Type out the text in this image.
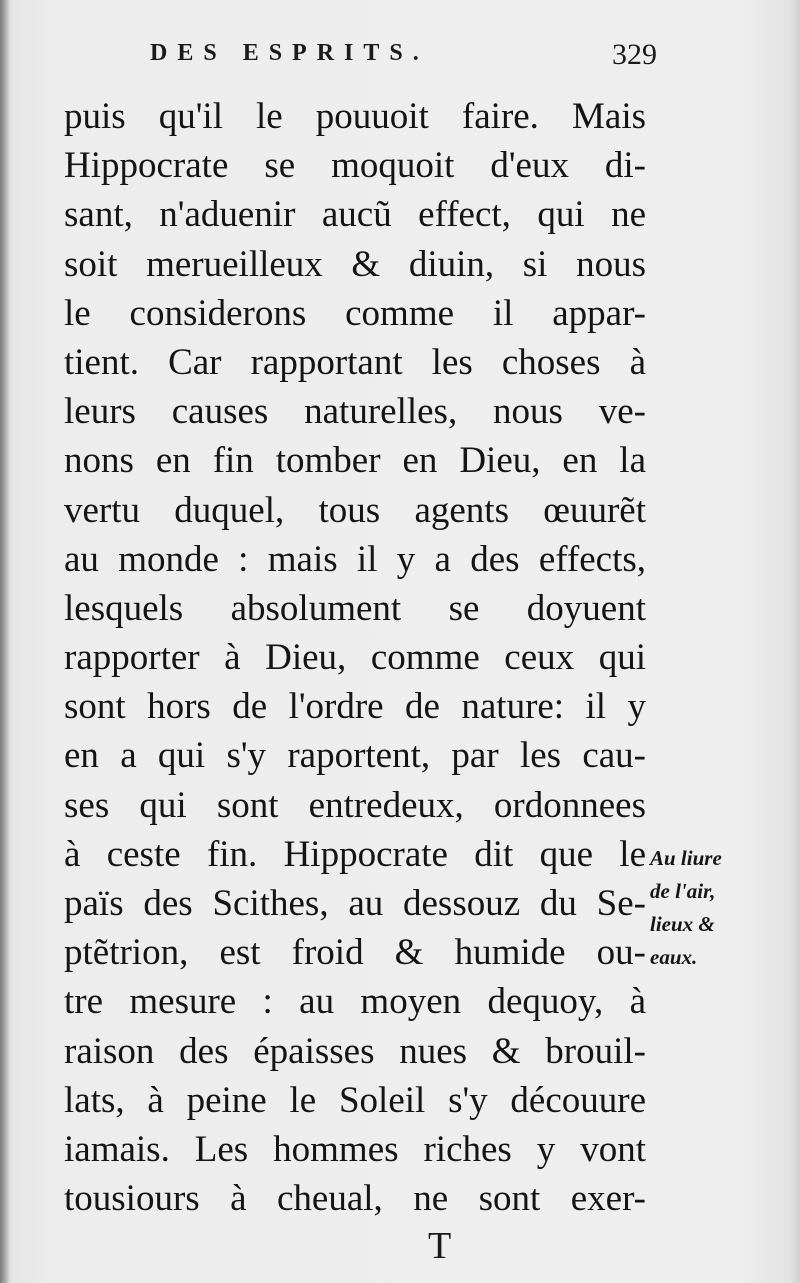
DES ESPRITS.	329
puis qu'il le pouuoit faire. Mais
Hippocrate se moquoit d'eux di-
sant, n'aduenir aucũ effect, qui ne
soit merueilleux & diuin, si nous
le considerons comme il appar-
tient. Car rapportant les choses à
leurs causes naturelles, nous ve-
nons en fin tomber en Dieu, en la
vertu duquel, tous agents œuurẽt
au monde : mais il y a des effects,
lesquels absolument se doyuent
rapporter à Dieu, comme ceux qui
sont hors de l'ordre de nature: il y
en a qui s'y raportent, par les cau-
ses qui sont entredeux, ordonnees
à ceste fin. Hippocrate dit que le
païs des Scithes, au dessouz du Se-
ptẽtrion, est froid & humide ou-
tre mesure : au moyen dequoy, à
raison des épaisses nues & brouil-
lats, à peine le Soleil s'y découure
iamais. Les hommes riches y vont
tousiours à cheual, ne sont exer-
Au liure
de l'air,
lieux &
eaux.
T
